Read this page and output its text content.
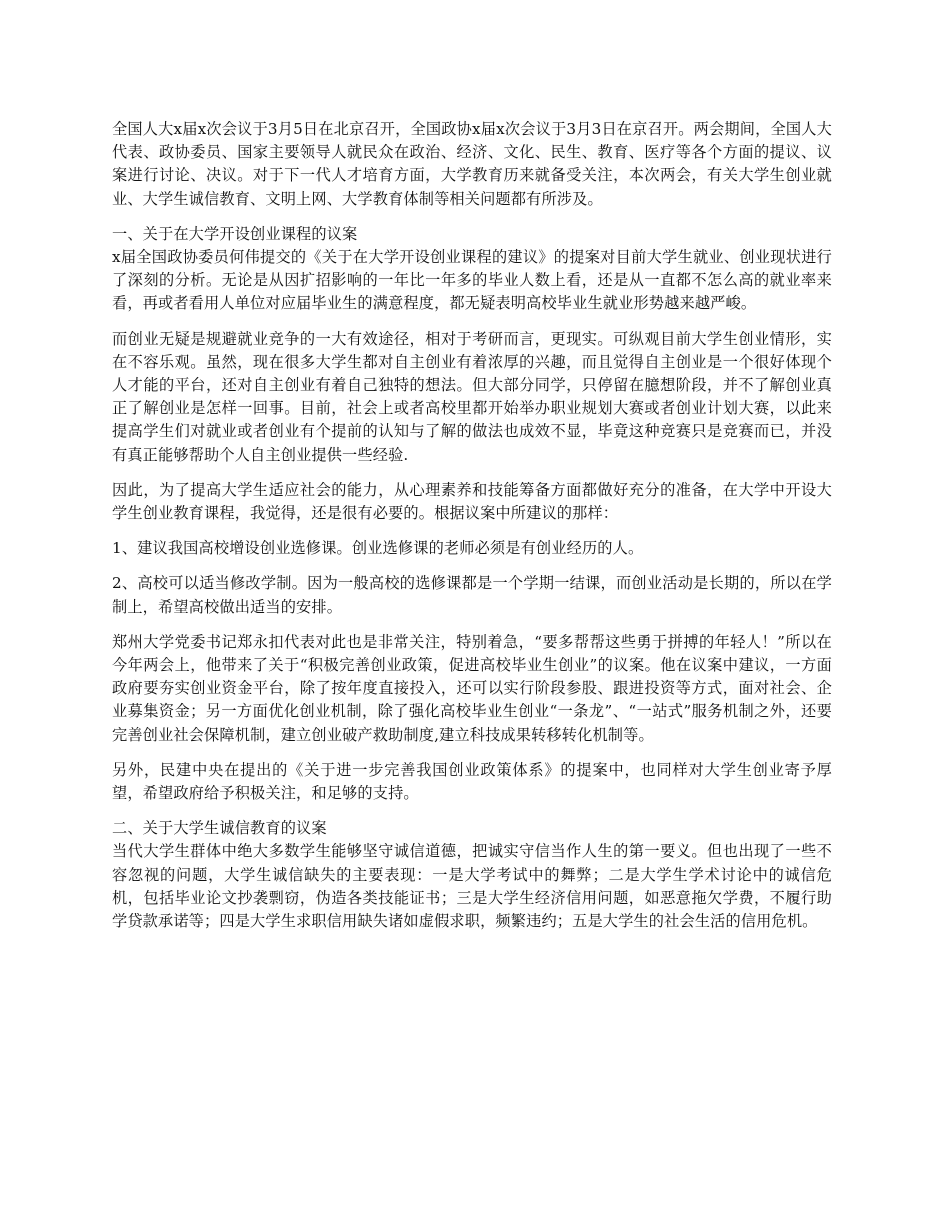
全国人大x届x次会议于3月5日在北京召开，全国政协x届x次会议于3月3日在京召开。两会期间，全国人大代表、政协委员、国家主要领导人就民众在政治、经济、文化、民生、教育、医疗等各个方面的提议、议案进行讨论、决议。对于下一代人才培育方面，大学教育历来就备受关注，本次两会，有关大学生创业就业、大学生诚信教育、文明上网、大学教育体制等相关问题都有所涉及。

一、关于在大学开设创业课程的议案

x届全国政协委员何伟提交的《关于在大学开设创业课程的建议》的提案对目前大学生就业、创业现状进行了深刻的分析。无论是从因扩招影响的一年比一年多的毕业人数上看，还是从一直都不怎么高的就业率来看，再或者看用人单位对应届毕业生的满意程度，都无疑表明高校毕业生就业形势越来越严峻。

而创业无疑是规避就业竞争的一大有效途径，相对于考研而言，更现实。可纵观目前大学生创业情形，实在不容乐观。虽然，现在很多大学生都对自主创业有着浓厚的兴趣，而且觉得自主创业是一个很好体现个人才能的平台，还对自主创业有着自己独特的想法。但大部分同学，只停留在臆想阶段，并不了解创业真正了解创业是怎样一回事。目前，社会上或者高校里都开始举办职业规划大赛或者创业计划大赛，以此来提高学生们对就业或者创业有个提前的认知与了解的做法也成效不显，毕竟这种竞赛只是竞赛而已，并没有真正能够帮助个人自主创业提供一些经验.

因此，为了提高大学生适应社会的能力，从心理素养和技能筹备方面都做好充分的准备，在大学中开设大学生创业教育课程，我觉得，还是很有必要的。根据议案中所建议的那样：

1、建议我国高校增设创业选修课。创业选修课的老师必须是有创业经历的人。

2、高校可以适当修改学制。因为一般高校的选修课都是一个学期一结课，而创业活动是长期的，所以在学制上，希望高校做出适当的安排。

郑州大学党委书记郑永扣代表对此也是非常关注，特别着急，“要多帮帮这些勇于拼搏的年轻人！”所以在今年两会上，他带来了关于“积极完善创业政策，促进高校毕业生创业”的议案。他在议案中建议，一方面政府要夯实创业资金平台，除了按年度直接投入，还可以实行阶段参股、跟进投资等方式，面对社会、企业募集资金；另一方面优化创业机制，除了强化高校毕业生创业“一条龙”、“一站式”服务机制之外，还要完善创业社会保障机制，建立创业破产救助制度,建立科技成果转移转化机制等。

另外，民建中央在提出的《关于进一步完善我国创业政策体系》的提案中，也同样对大学生创业寄予厚望，希望政府给予积极关注，和足够的支持。

二、关于大学生诚信教育的议案

当代大学生群体中绝大多数学生能够坚守诚信道德，把诚实守信当作人生的第一要义。但也出现了一些不容忽视的问题，大学生诚信缺失的主要表现：一是大学考试中的舞弊；二是大学生学术讨论中的诚信危机，包括毕业论文抄袭剽窃，伪造各类技能证书；三是大学生经济信用问题，如恶意拖欠学费，不履行助学贷款承诺等；四是大学生求职信用缺失诸如虚假求职，频繁违约；五是大学生的社会生活的信用危机。
